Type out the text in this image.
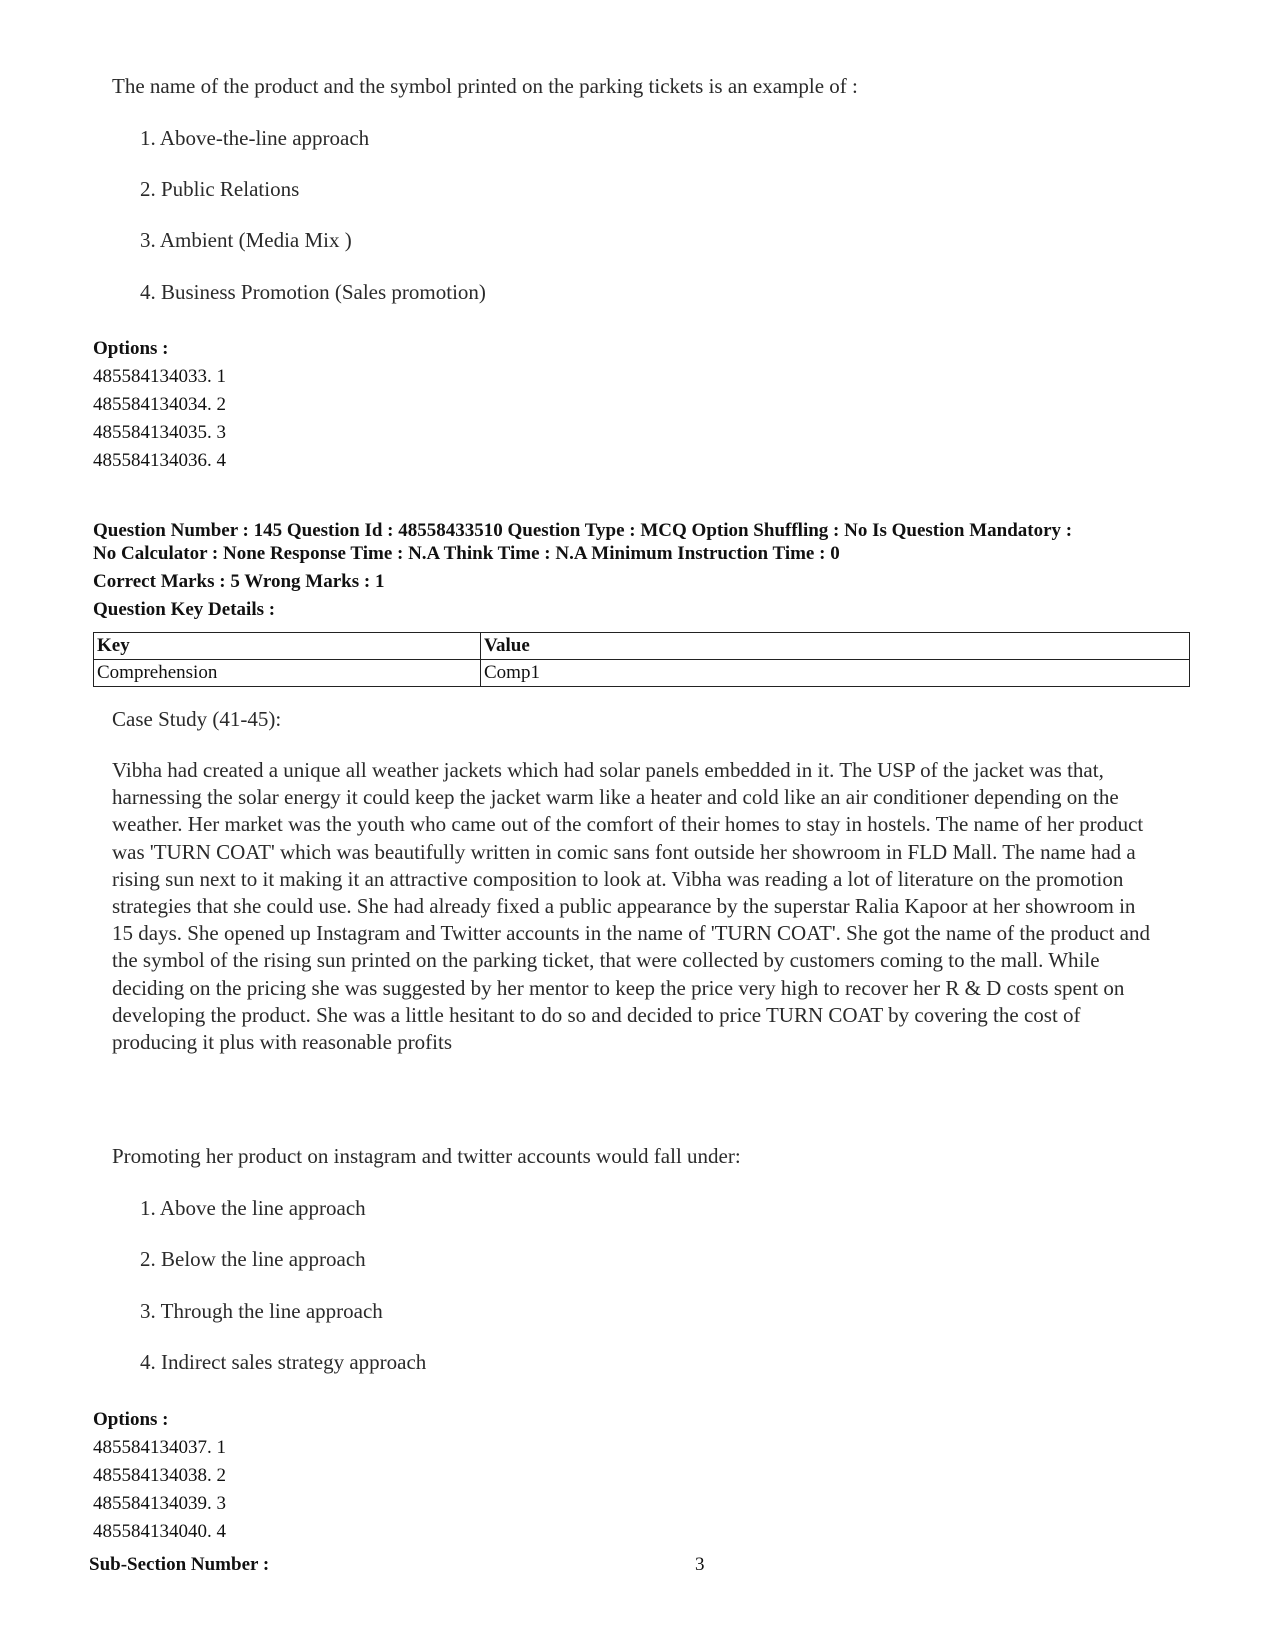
The name of the product and the symbol printed on the parking tickets is an example of :
1. Above-the-line approach
2. Public Relations
3. Ambient (Media Mix )
4. Business Promotion (Sales promotion)
Options :
485584134033. 1
485584134034. 2
485584134035. 3
485584134036. 4
Question Number : 145 Question Id : 48558433510 Question Type : MCQ Option Shuffling : No Is Question Mandatory :
No Calculator : None Response Time : N.A Think Time : N.A Minimum Instruction Time : 0
Correct Marks : 5 Wrong Marks : 1
Question Key Details :
Key	Value
Comprehension	Comp1
Case Study (41-45):
Vibha had created a unique all weather jackets which had solar panels embedded in it. The USP of the jacket was that, harnessing the solar energy it could keep the jacket warm like a heater and cold like an air conditioner depending on the weather. Her market was the youth who came out of the comfort of their homes to stay in hostels. The name of her product was 'TURN COAT' which was beautifully written in comic sans font outside her showroom in FLD Mall. The name had a rising sun next to it making it an attractive composition to look at. Vibha was reading a lot of literature on the promotion strategies that she could use. She had already fixed a public appearance by the superstar Ralia Kapoor at her showroom in 15 days. She opened up Instagram and Twitter accounts in the name of 'TURN COAT'. She got the name of the product and the symbol of the rising sun printed on the parking ticket, that were collected by customers coming to the mall. While deciding on the pricing she was suggested by her mentor to keep the price very high to recover her R & D costs spent on developing the product. She was a little hesitant to do so and decided to price TURN COAT by covering the cost of producing it plus with reasonable profits
Promoting her product on instagram and twitter accounts would fall under:
1. Above the line approach
2. Below the line approach
3. Through the line approach
4. Indirect sales strategy approach
Options :
485584134037. 1
485584134038. 2
485584134039. 3
485584134040. 4
Sub-Section Number :	3
